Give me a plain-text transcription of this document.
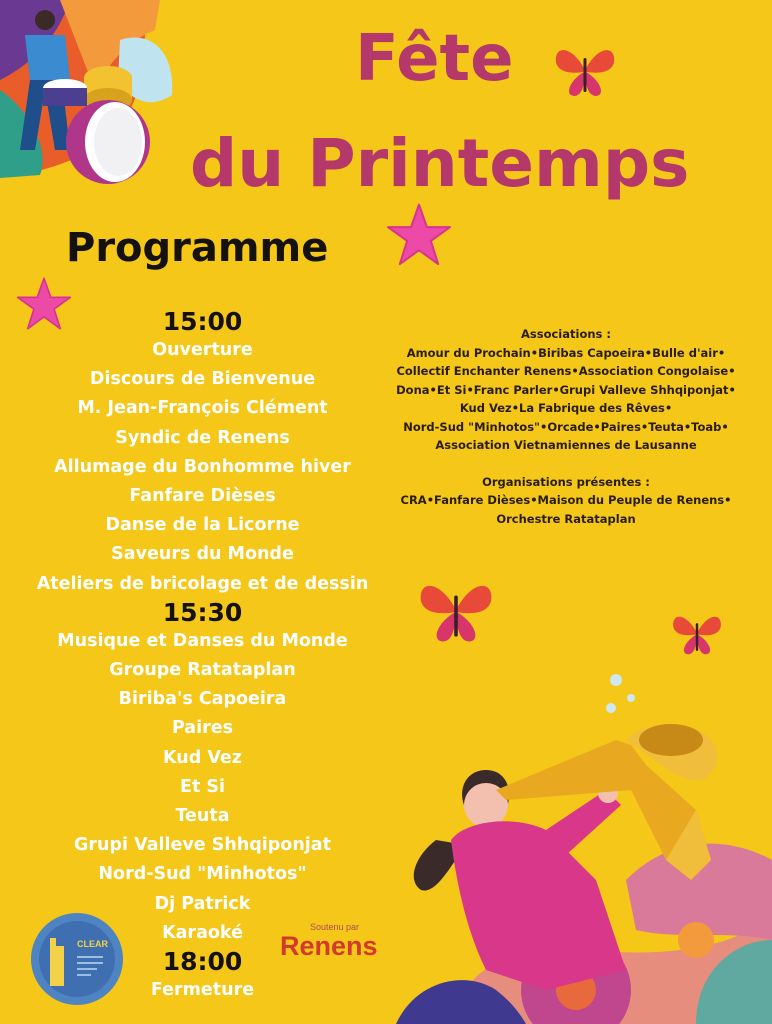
Fête
du Printemps
Programme
15:00
Ouverture
Discours de Bienvenue
M. Jean-François Clément
Syndic de Renens
Allumage du Bonhomme hiver
Fanfare Dièses
Danse de la Licorne
Saveurs du Monde
Ateliers de bricolage et de dessin
15:30
Musique et Danses du Monde
Groupe Ratataplan
Biriba's Capoeira
Paires
Kud Vez
Et Si
Teuta
Grupi Valleve Shhqiponjat
Nord-Sud "Minhotos"
Dj Patrick
Karaoké
18:00
Fermeture
Associations :
Amour du Prochain•Biribas Capoeira•Bulle d'air•
Collectif Enchanter Renens•Association Congolaise•
Dona•Et Si•Franc Parler•Grupi Valleve Shhqiponjat•
Kud Vez•La Fabrique des Rêves•
Nord-Sud "Minhotos"•Orcade•Paires•Teuta•Toab•
Association Vietnamiennes de Lausanne
Organisations présentes :
CRA•Fanfare Dièses•Maison du Peuple de Renens•
Orchestre Ratataplan
CLEAR
Soutenu par
Renens
